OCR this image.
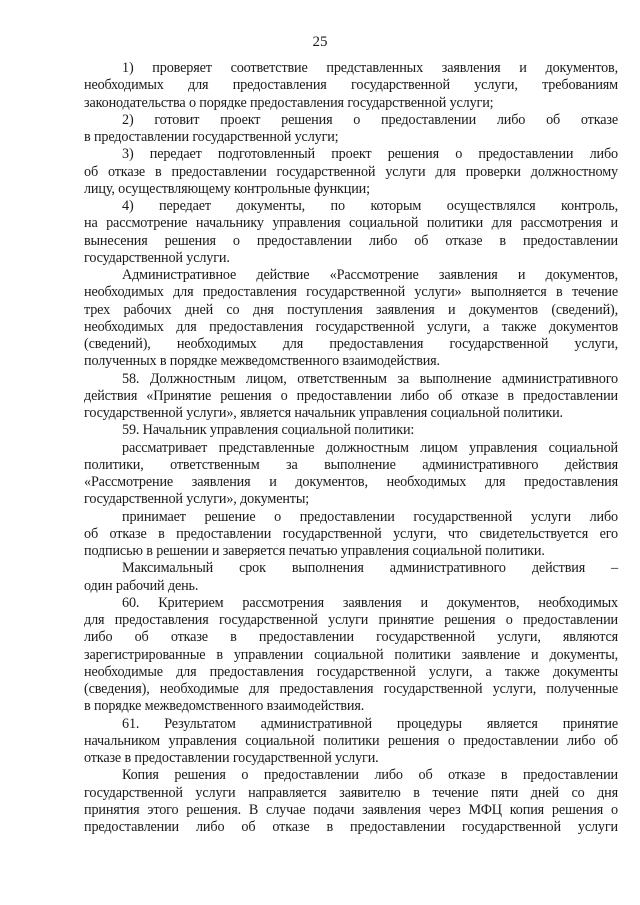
25
1) проверяет соответствие представленных заявления и документов,
необходимых для предоставления государственной услуги, требованиям
законодательства о порядке предоставления государственной услуги;
2) готовит проект решения о предоставлении либо об отказе
в предоставлении государственной услуги;
3) передает подготовленный проект решения о предоставлении либо
об отказе в предоставлении государственной услуги для проверки должностному
лицу, осуществляющему контрольные функции;
4) передает документы, по которым осуществлялся контроль,
на рассмотрение начальнику управления социальной политики для рассмотрения и
вынесения решения о предоставлении либо об отказе в предоставлении
государственной услуги.
Административное действие «Рассмотрение заявления и документов,
необходимых для предоставления государственной услуги» выполняется в течение
трех рабочих дней со дня поступления заявления и документов (сведений),
необходимых для предоставления государственной услуги, а также документов
(сведений), необходимых для предоставления государственной услуги,
полученных в порядке межведомственного взаимодействия.
58. Должностным лицом, ответственным за выполнение административного
действия «Принятие решения о предоставлении либо об отказе в предоставлении
государственной услуги», является начальник управления социальной политики.
59. Начальник управления социальной политики:
рассматривает представленные должностным лицом управления социальной
политики, ответственным за выполнение административного действия
«Рассмотрение заявления и документов, необходимых для предоставления
государственной услуги», документы;
принимает решение о предоставлении государственной услуги либо
об отказе в предоставлении государственной услуги, что свидетельствуется его
подписью в решении и заверяется печатью управления социальной политики.
Максимальный срок выполнения административного действия –
один рабочий день.
60. Критерием рассмотрения заявления и документов, необходимых
для предоставления государственной услуги принятие решения о предоставлении
либо об отказе в предоставлении государственной услуги, являются
зарегистрированные в управлении социальной политики заявление и документы,
необходимые для предоставления государственной услуги, а также документы
(сведения), необходимые для предоставления государственной услуги, полученные
в порядке межведомственного взаимодействия.
61. Результатом административной процедуры является принятие
начальником управления социальной политики решения о предоставлении либо об
отказе в предоставлении государственной услуги.
Копия решения о предоставлении либо об отказе в предоставлении
государственной услуги направляется заявителю в течение пяти дней со дня
принятия этого решения. В случае подачи заявления через МФЦ копия решения о
предоставлении либо об отказе в предоставлении государственной услуги
